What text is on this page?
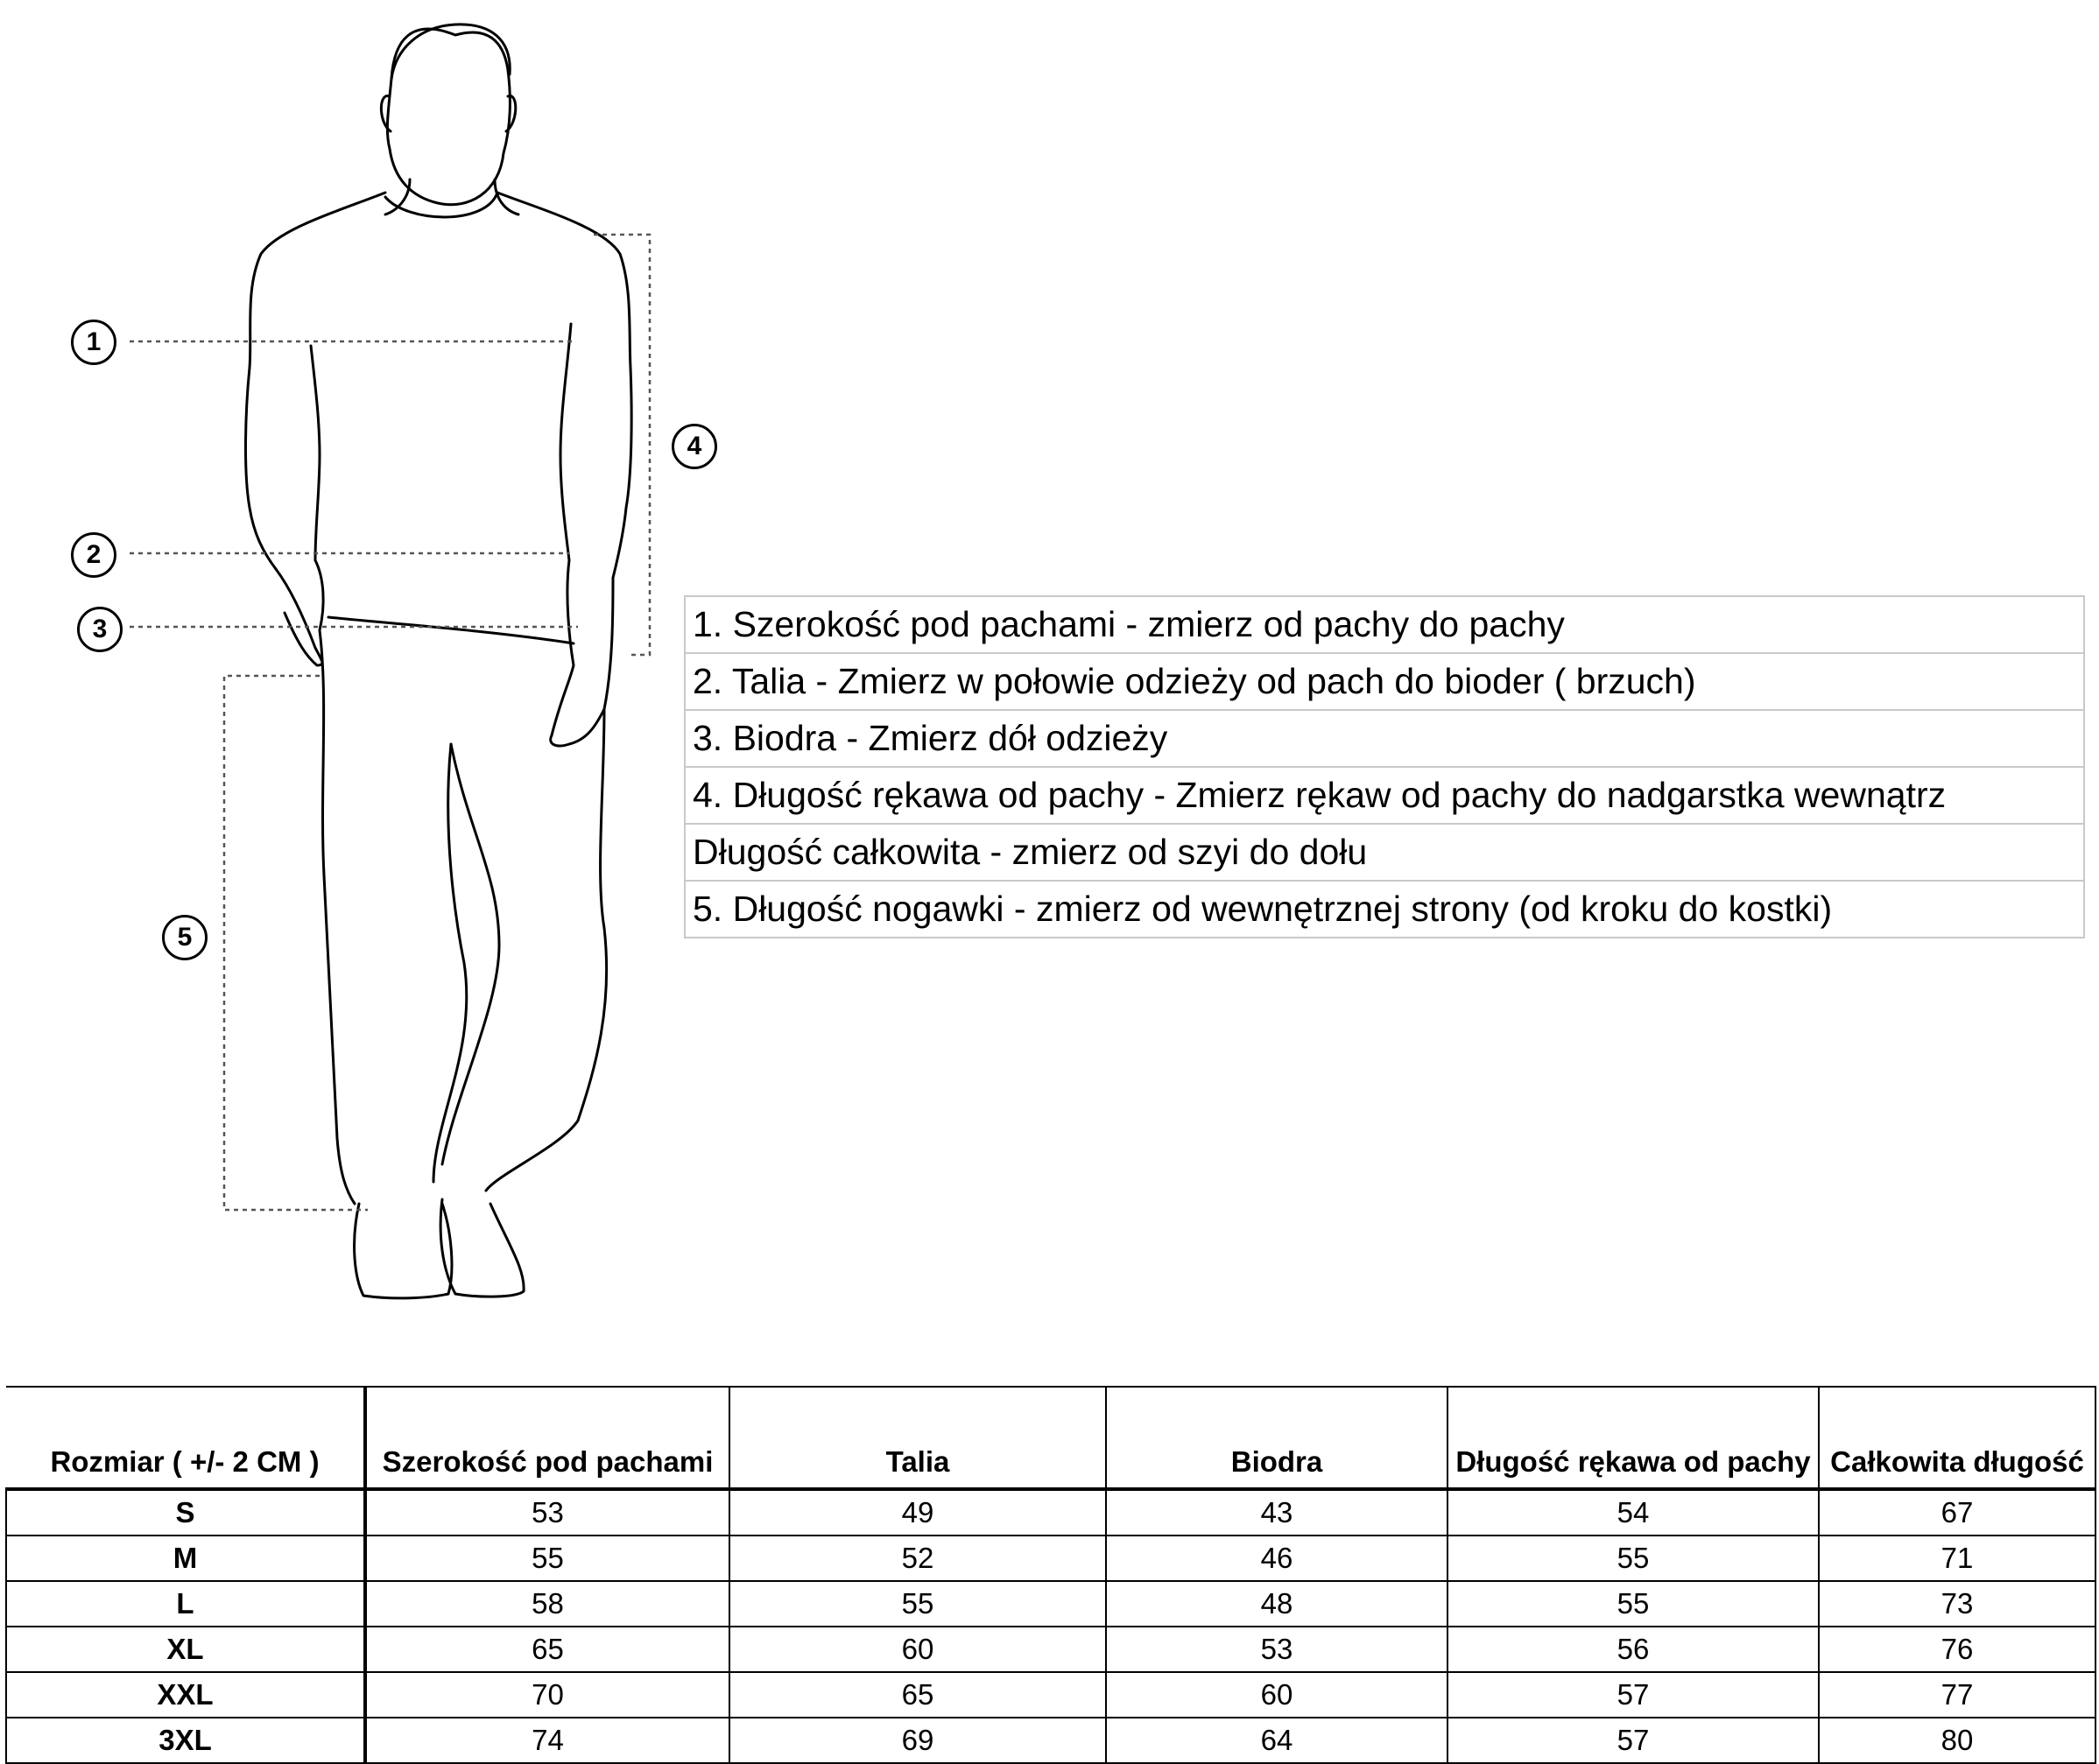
1
2
3
4
5
1. Szerokość pod pachami - zmierz od pachy do pachy
2. Talia - Zmierz w połowie odzieży od pach do bioder ( brzuch)
3. Biodra - Zmierz dół odzieży
4. Długość rękawa od pachy - Zmierz rękaw od pachy do nadgarstka wewnątrz
Długość całkowita - zmierz od szyi do dołu
5. Długość nogawki - zmierz od wewnętrznej strony (od kroku do kostki)
Rozmiar ( +/- 2 CM )	Szerokość pod pachami	Talia	Biodra	Długość rękawa od pachy	Całkowita długość
S	53	49	43	54	67
M	55	52	46	55	71
L	58	55	48	55	73
XL	65	60	53	56	76
XXL	70	65	60	57	77
3XL	74	69	64	57	80
